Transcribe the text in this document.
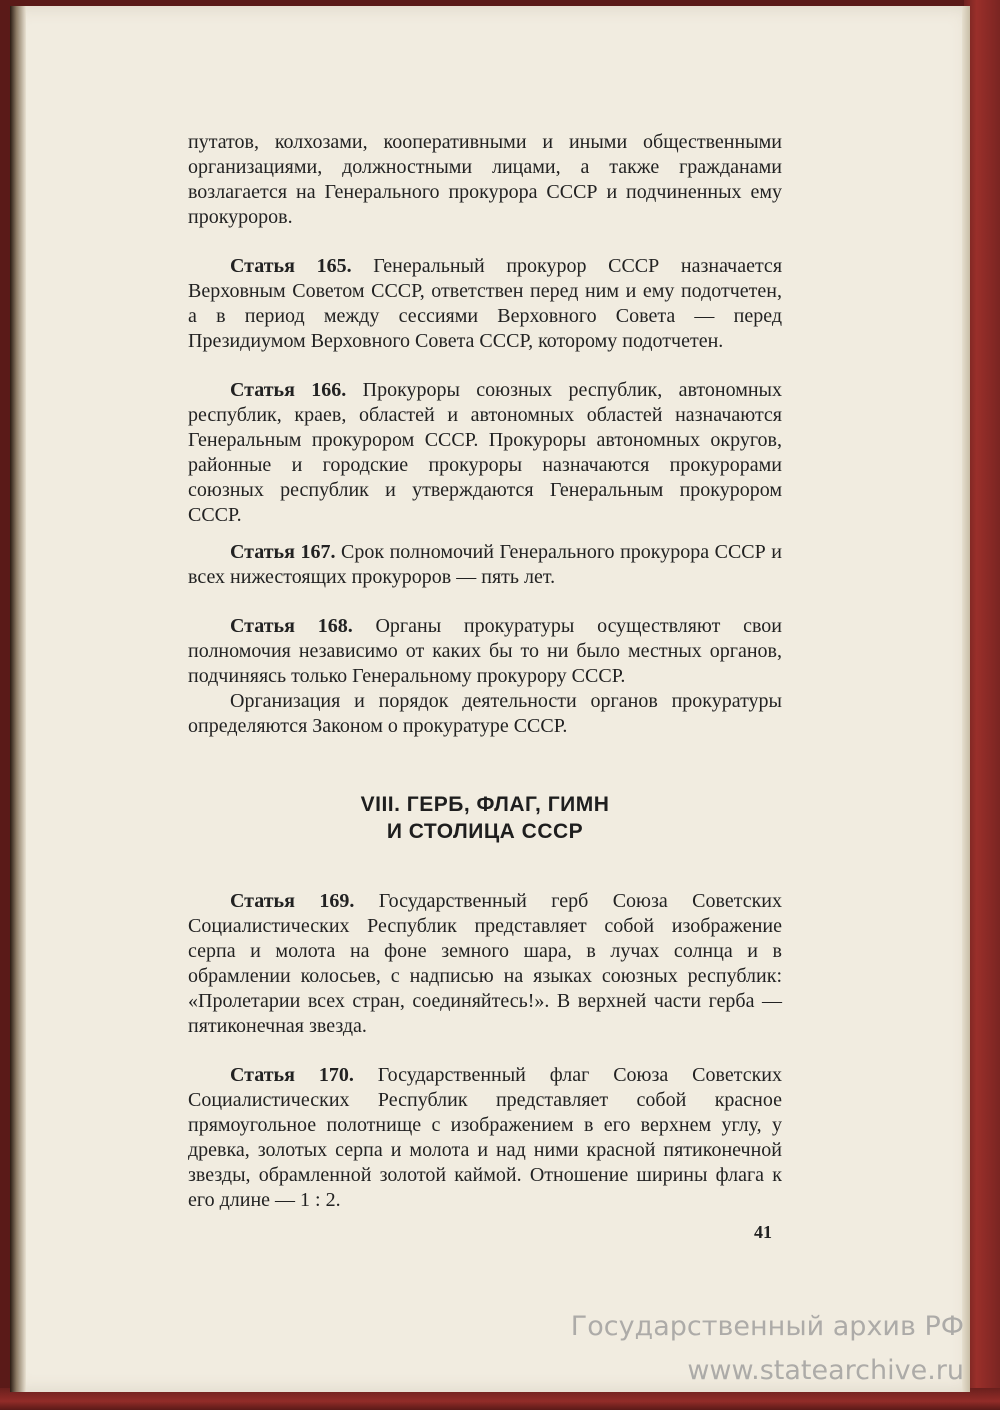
путатов, колхозами, кооперативными и иными общественными организациями, должностными лицами, а также гражданами возлагается на Генерального прокурора СССР и подчиненных ему прокуроров.

Статья 165. Генеральный прокурор СССР назначается Верховным Советом СССР, ответствен перед ним и ему подотчетен, а в период между сессиями Верховного Совета — перед Президиумом Верховного Совета СССР, которому подотчетен.

Статья 166. Прокуроры союзных республик, автономных республик, краев, областей и автономных областей назначаются Генеральным прокурором СССР. Прокуроры автономных округов, районные и городские прокуроры назначаются прокурорами союзных республик и утверждаются Генеральным прокурором СССР.

Статья 167. Срок полномочий Генерального прокурора СССР и всех нижестоящих прокуроров — пять лет.

Статья 168. Органы прокуратуры осуществляют свои полномочия независимо от каких бы то ни было местных органов, подчиняясь только Генеральному прокурору СССР.

Организация и порядок деятельности органов прокуратуры определяются Законом о прокуратуре СССР.

VIII. ГЕРБ, ФЛАГ, ГИМН
И СТОЛИЦА СССР

Статья 169. Государственный герб Союза Советских Социалистических Республик представляет собой изображение серпа и молота на фоне земного шара, в лучах солнца и в обрамлении колосьев, с надписью на языках союзных республик: «Пролетарии всех стран, соединяйтесь!». В верхней части герба — пятиконечная звезда.

Статья 170. Государственный флаг Союза Советских Социалистических Республик представляет собой красное прямоугольное полотнище с изображением в его верхнем углу, у древка, золотых серпа и молота и над ними красной пятиконечной звезды, обрамленной золотой каймой. Отношение ширины флага к его длине — 1 : 2.

41
Государственный архив РФ
www.statearchive.ru
